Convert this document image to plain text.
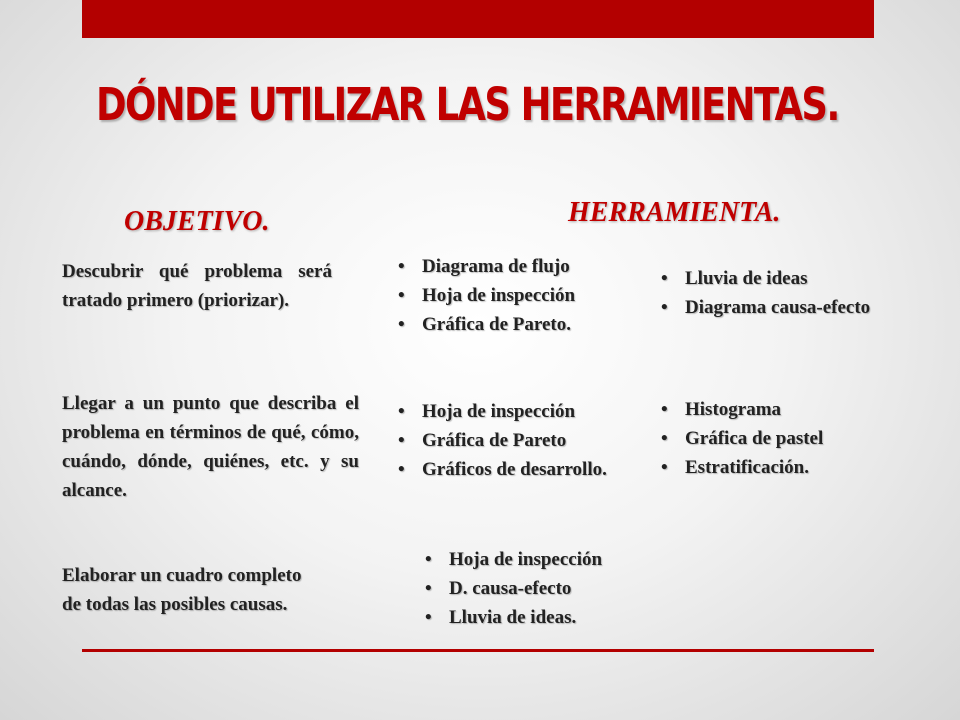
DÓNDE UTILIZAR LAS HERRAMIENTAS.
OBJETIVO.	HERRAMIENTA.

Descubrir qué problema será tratado primero (priorizar).

• Diagrama de flujo
• Hoja de inspección
• Gráfica de Pareto.
• Lluvia de ideas
• Diagrama causa-efecto

Llegar a un punto que describa el problema en términos de qué, cómo, cuándo, dónde, quiénes, etc. y su alcance.

• Hoja de inspección
• Gráfica de Pareto
• Gráficos de desarrollo.
• Histograma
• Gráfica de pastel
• Estratificación.

Elaborar un cuadro completo de todas las posibles causas.

• Hoja de inspección
• D. causa-efecto
• Lluvia de ideas.
